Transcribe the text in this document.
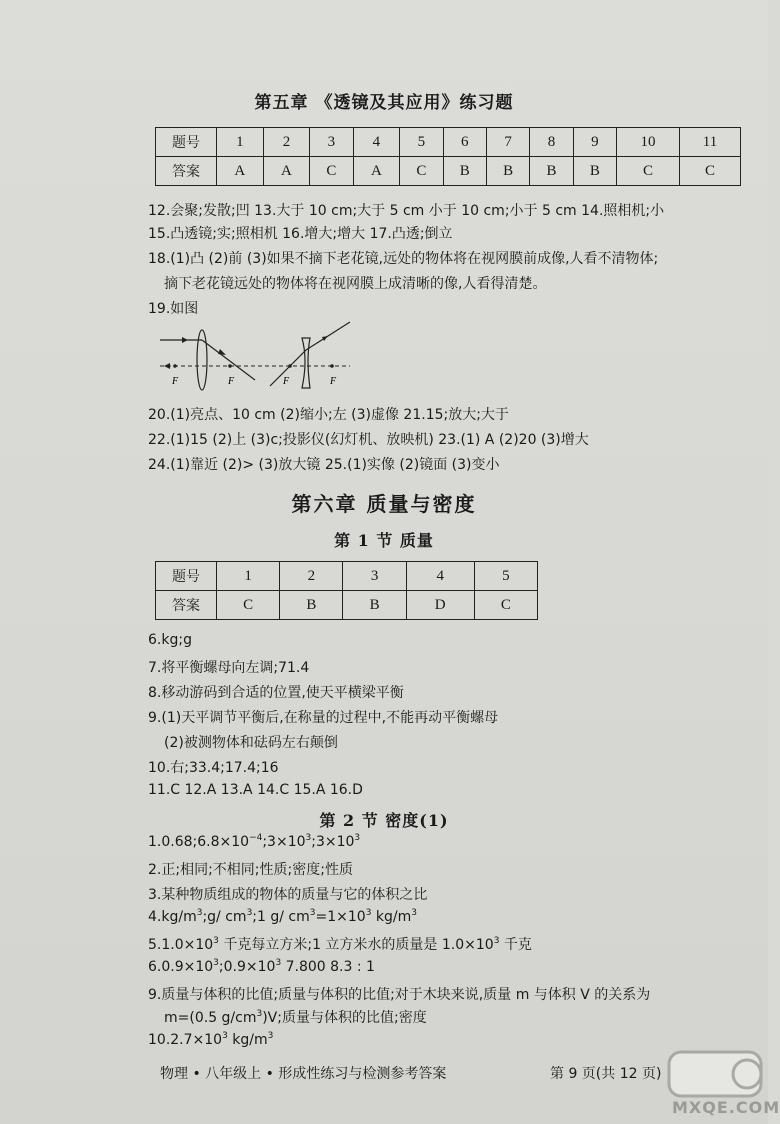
第五章 《透镜及其应用》练习题
题号	1	2	3	4	5	6	7	8	9	10	11
答案	A	A	C	A	C	B	B	B	B	C	C
12.会聚;发散;凹 13.大于 10 cm;大于 5 cm 小于 10 cm;小于 5 cm 14.照相机;小
15.凸透镜;实;照相机 16.增大;增大 17.凸透;倒立
18.(1)凸 (2)前 (3)如果不摘下老花镜,远处的物体将在视网膜前成像,人看不清物体;
摘下老花镜远处的物体将在视网膜上成清晰的像,人看得清楚。
19.如图
F	F	F	F
20.(1)亮点、10 cm (2)缩小;左 (3)虚像 21.15;放大;大于
22.(1)15 (2)上 (3)c;投影仪(幻灯机、放映机) 23.(1) A (2)20 (3)增大
24.(1)靠近 (2)> (3)放大镜 25.(1)实像 (2)镜面 (3)变小
第六章 质量与密度
第 1 节 质量
题号	1	2	3	4	5
答案	C	B	B	D	C
6.kg;g
7.将平衡螺母向左调;71.4
8.移动游码到合适的位置,使天平横梁平衡
9.(1)天平调节平衡后,在称量的过程中,不能再动平衡螺母
(2)被测物体和砝码左右颠倒
10.右;33.4;17.4;16
11.C 12.A 13.A 14.C 15.A 16.D
第 2 节 密度(1)
$1.0.68;6.8\times 10^{-4};3\times 10^3;3\times 10^3$
2.正;相同;不相同;性质;密度;性质
3.某种物质组成的物体的质量与它的体积之比
$4.kg/m^3;g/$ $cm^3;1$ g/ $cm^3=1\times 10^3$ $kg/m^3$
$5.1.0\times 10^3$ 千克每立方米;1 立方米水的质量是 $1.0\times 10^3$ 千克
$6.0.9\times 10^3;0.9\times 10^3$ 7.800 8.3 : 1
9.质量与体积的比值;质量与体积的比值;对于木块来说,质量 m 与体积 V 的关系为
m=(0.5 $g/cm^3)V$;质量与体积的比值;密度
$10.2.7\times 10^3$ $kg/m^3$
物理 • 八年级上 • 形成性练习与检测参考答案	第 9 页(共 12 页)
MXQE.COM
